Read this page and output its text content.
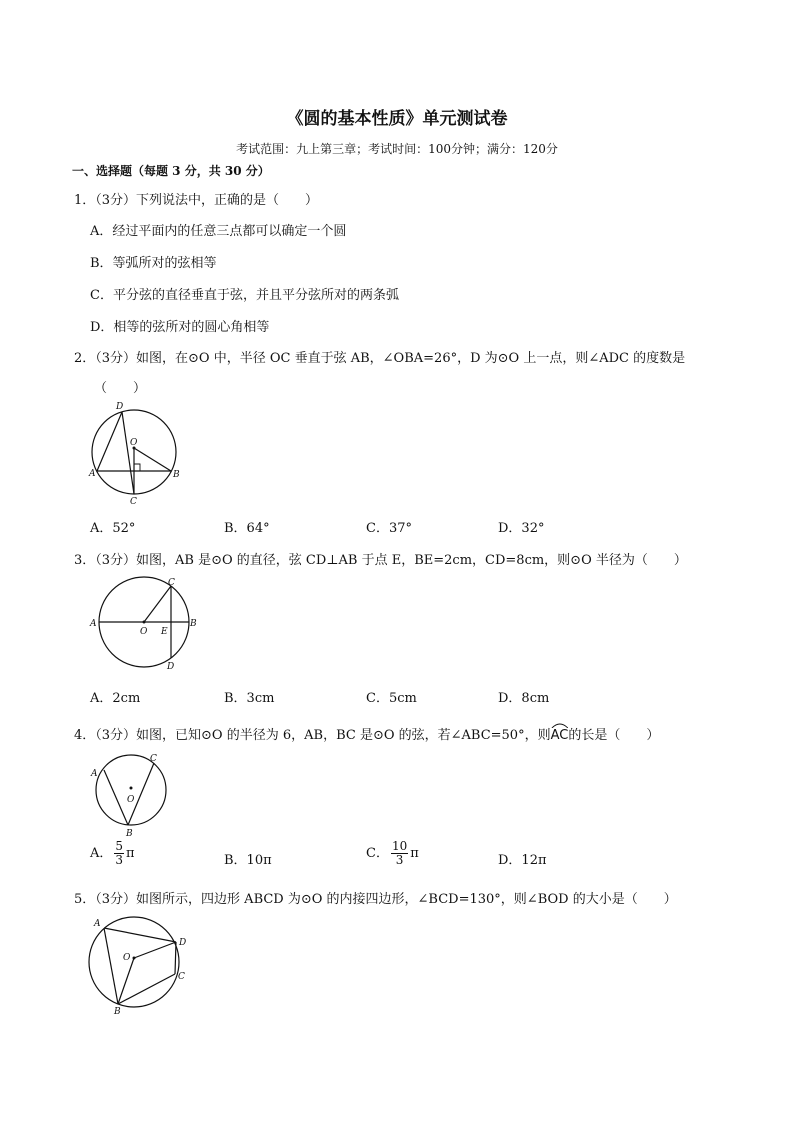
《圆的基本性质》单元测试卷
考试范围：九上第三章；考试时间：100分钟；满分：120分
一、选择题（每题 3 分，共 30 分）
1．（3分）下列说法中，正确的是（　　）
A．经过平面内的任意三点都可以确定一个圆
B．等弧所对的弦相等
C．平分弦的直径垂直于弦，并且平分弦所对的两条弧
D．相等的弦所对的圆心角相等
2．（3分）如图，在⊙O 中，半径 OC 垂直于弦 AB，∠OBA=26°，D 为⊙O 上一点，则∠ADC 的度数是
（　　）
D
O
A	B
C
A．52°	B．64°	C．37°	D．32°
3．（3分）如图，AB 是⊙O 的直径，弦 CD⊥AB 于点 E，BE=2cm，CD=8cm，则⊙O 半径为（　　）
C
A
O E
B
D
A．2cm	B．3cm	C．5cm	D．8cm
4．（3分）如图，已知⊙O 的半径为 6，AB，BC 是⊙O 的弦，若∠ABC=50°，则
AC的长是（　　）
C
A
O
B
A． $\frac{5}{3}$ π	B．10π	C． $\frac{10}{3}$ π	D．12π
5．（3分）如图所示，四边形 ABCD 为⊙O 的内接四边形，∠BCD=130°，则∠BOD 的大小是（　　）
A
D
O
C
B
